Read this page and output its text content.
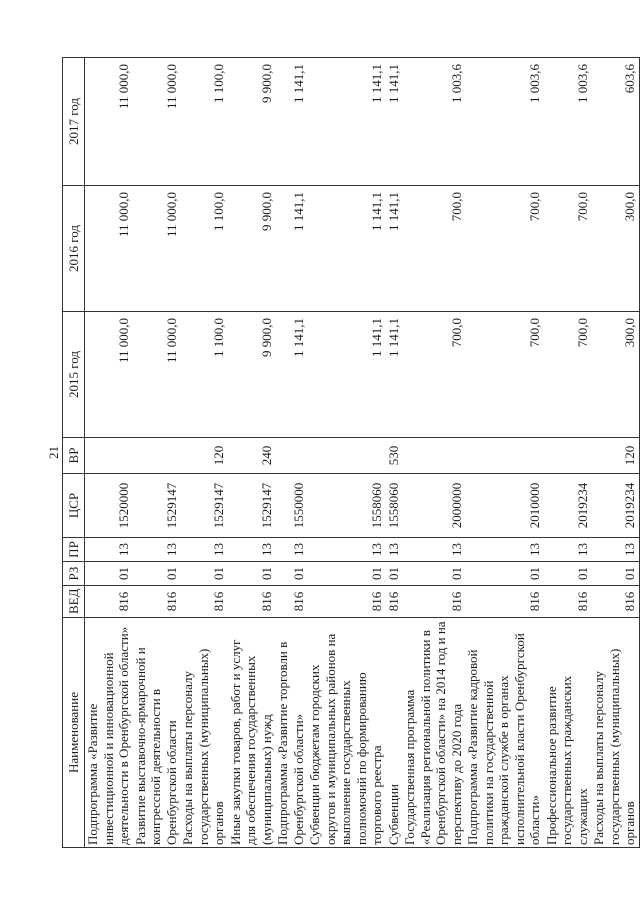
21
Наименование	ВЕД	РЗ	ПР	ЦСР	ВР	2015 год	2016 год	2017 год
Подпрограмма «Развитие инвестиционной и инновационной деятельности в Оренбургской области»	816	01	13	1520000		11 000,0	11 000,0	11 000,0
Развитие выставочно-ярмарочной и конгрессной деятельности в Оренбургской области	816	01	13	1529147		11 000,0	11 000,0	11 000,0
Расходы на выплаты персоналу государственных (муниципальных) органов	816	01	13	1529147	120	1 100,0	1 100,0	1 100,0
Иные закупки товаров, работ и услуг для обеспечения государственных (муниципальных) нужд	816	01	13	1529147	240	9 900,0	9 900,0	9 900,0
Подпрограмма «Развитие торговли в Оренбургской области»	816	01	13	1550000		1 141,1	1 141,1	1 141,1
Субвенции бюджетам городских округов и муниципальных районов на выполнение государственных полномочий по формированию торгового реестра	816	01	13	1558060		1 141,1	1 141,1	1 141,1
Субвенции	816	01	13	1558060	530	1 141,1	1 141,1	1 141,1
Государственная программа «Реализация региональной политики в Оренбургской области» на 2014 год и на перспективу до 2020 года	816	01	13	2000000		700,0	700,0	1 003,6
Подпрограмма «Развитие кадровой политики на государственной гражданской службе в органах исполнительной власти Оренбургской области»	816	01	13	2010000		700,0	700,0	1 003,6
Профессиональное развитие государственных гражданских служащих	816	01	13	2019234		700,0	700,0	1 003,6
Расходы на выплаты персоналу государственных (муниципальных) органов	816	01	13	2019234	120	300,0	300,0	603,6
